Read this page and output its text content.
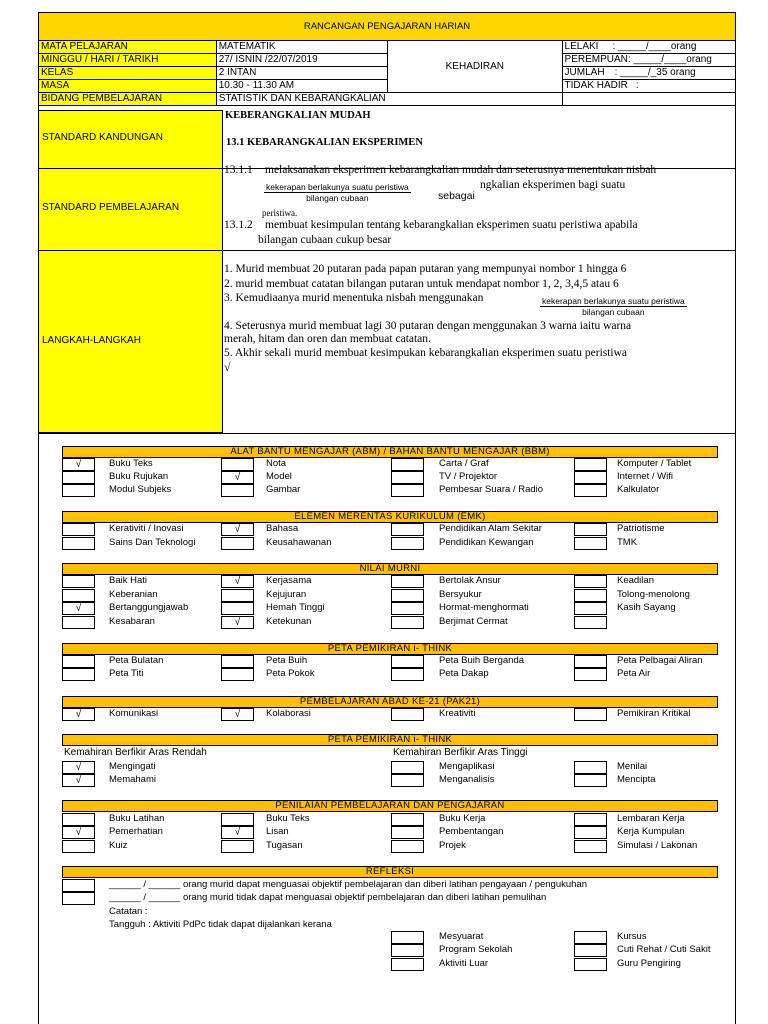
RANCANGAN PENGAJARAN HARIAN			
MATA PELAJARAN	MATEMATIK	KEHADIRAN	LELAKI : _____/____orang
MINGGU / HARI / TARIKH	27/ ISNIN /22/07/2019		PEREMPUAN: _____/____orang
KELAS	2 INTAN		JUMLAH : _____/_35 orang
MASA	10.30 - 11.30 AM		TIDAK HADIR :
BIDANG PEMBELAJARAN	STATISTIK DAN KEBARANGKALIAN		
STANDARD KANDUNGAN
KEBERANGKALIAN MUDAH
13.1 KEBARANGKALIAN EKSPERIMEN
STANDARD PEMBELAJARAN
13.1.1 melaksanakan eksperimen kebarangkalian mudah dan seterusnya menentukan nisbah
kekerapan berlakunya suatu peristiwa
bilangan cubaan	sebagai
ngkalian eksperimen bagi suatu
peristiwa.
13.1.2 membuat kesimpulan tentang kebarangkalian eksperimen suatu peristiwa apabila
bilangan cubaan cukup besar
LANGKAH-LANGKAH
1. Murid membuat 20 putaran pada papan putaran yang mempunyai nombor 1 hingga 6
2. murid membuat catatan bilangan putaran untuk mendapat nombor 1, 2, 3,4,5 atau 6
3. Kemudiaanya murid menentuka nisbah menggunakan	kekerapan berlakunya suatu peristiwa
bilangan cubaan
4. Seterusnya murid membuat lagi 30 putaran dengan menggunakan 3 warna iaitu warna
merah, hitam dan oren dan membuat catatan.
5. Akhir sekali murid membuat kesimpukan kebarangkalian eksperimen suatu peristiwa
√
ALAT BANTU MENGAJAR (ABM) / BAHAN BANTU MENGAJAR (BBM)
√	Buku Teks	Nota	Carta / Graf	Komputer / Tablet
Buku Rujukan	√	Model	TV / Projektor	Internet / Wifi
Modul Subjeks	Gambar	Pembesar Suara / Radio	Kalkulator
ELEMEN MERENTAS KURIKULUM (EMK)
Kerativiti / Inovasi	√	Bahasa	Pendidikan Alam Sekitar	Patriotisme
Sains Dan Teknologi	Keusahawanan	Pendidikan Kewangan	TMK
NILAI MURNI
Baik Hati	√	Kerjasama	Bertolak Ansur	Keadilan
Keberanian	Kejujuran	Bersyukur	Tolong-menolong
√	Bertanggungjawab	Hemah Tinggi	Hormat-menghormati	Kasih Sayang
Kesabaran	√	Ketekunan	Berjimat Cermat
PETA PEMIKIRAN i- THINK
Peta Bulatan	Peta Buih	Peta Buih Berganda	Peta Pelbagai Aliran
Peta Titi	Peta Pokok	Peta Dakap	Peta Air
PEMBELAJARAN ABAD KE-21 (PAK21)
√	Komunikasi	√	Kolaborasi	Kreativiti	Pemikiran Kritikal
PETA PEMIKIRAN i- THINK
Kemahiran Berfikir Aras Rendah	Kemahiran Berfikir Aras Tinggi
√	Mengingati	Mengaplikasi	Menilai
√	Memahami	Menganalisis	Mencipta
PENILAIAN PEMBELAJARAN DAN PENGAJARAN
Buku Latihan	Buku Teks	Buku Kerja	Lembaran Kerja
√	Pemerhatian	√	Lisan	Pembentangan	Kerja Kumpulan
Kuiz	Tugasan	Projek	Simulasi / Lakonan
REFLEKSI
______ / ______ orang murid dapat menguasai objektif pembelajaran dan diberi latihan pengayaan / pengukuhan
______ / ______ orang murid tidak dapat menguasai objektif pembelajaran dan diberi latihan pemulihan
Catatan :
Tangguh : Aktiviti PdPc tidak dapat dijalankan kerana
Mesyuarat	Kursus
Program Sekolah	Cuti Rehat / Cuti Sakit
Aktiviti Luar	Guru Pengiring
